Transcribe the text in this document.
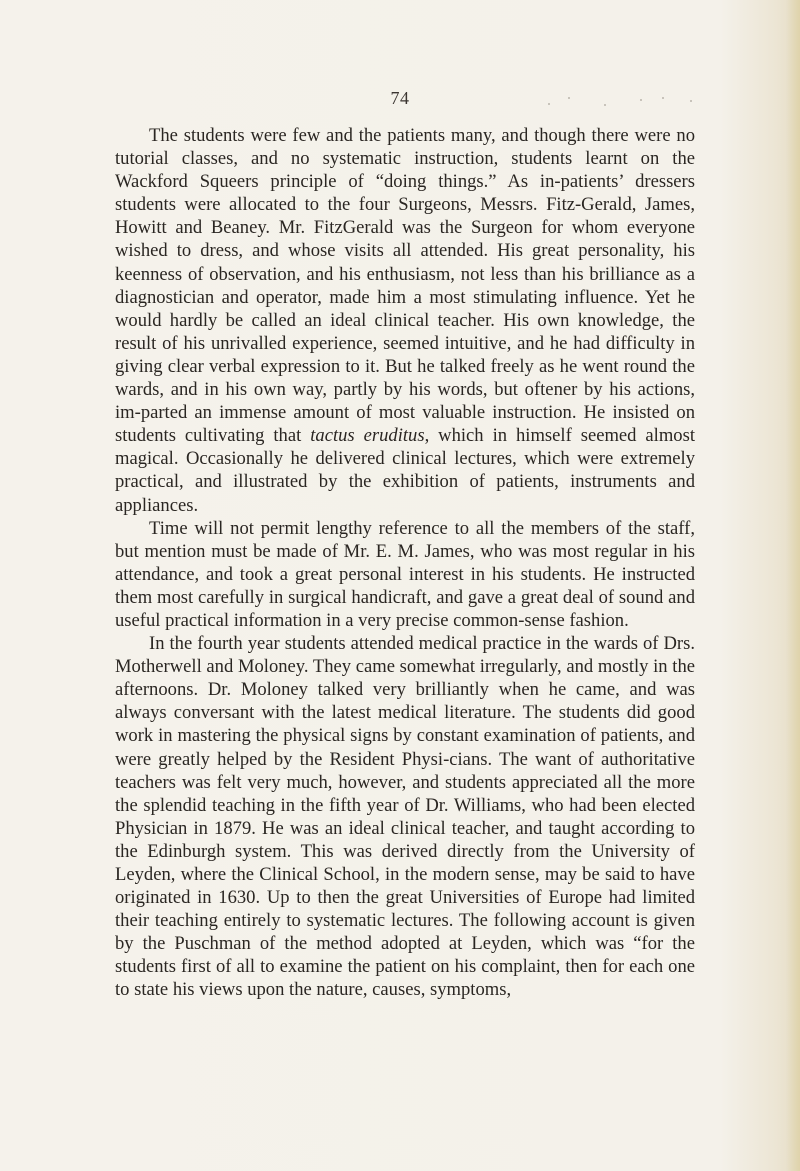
74

The students were few and the patients many, and though there were no tutorial classes, and no systematic instruction, students learnt on the Wackford Squeers principle of “doing things.” As in-patients’ dressers students were allocated to the four Surgeons, Messrs. Fitz-Gerald, James, Howitt and Beaney. Mr. FitzGerald was the Surgeon for whom everyone wished to dress, and whose visits all attended. His great personality, his keenness of observation, and his enthusiasm, not less than his brilliance as a diagnostician and operator, made him a most stimulating influence. Yet he would hardly be called an ideal clinical teacher. His own knowledge, the result of his unrivalled experience, seemed intuitive, and he had difficulty in giving clear verbal expression to it. But he talked freely as he went round the wards, and in his own way, partly by his words, but oftener by his actions, im-parted an immense amount of most valuable instruction. He insisted on students cultivating that tactus eruditus, which in himself seemed almost magical. Occasionally he delivered clinical lectures, which were extremely practical, and illustrated by the exhibition of patients, instruments and appliances.

Time will not permit lengthy reference to all the members of the staff, but mention must be made of Mr. E. M. James, who was most regular in his attendance, and took a great personal interest in his students. He instructed them most carefully in surgical handicraft, and gave a great deal of sound and useful practical information in a very precise common-sense fashion.

In the fourth year students attended medical practice in the wards of Drs. Motherwell and Moloney. They came somewhat irregularly, and mostly in the afternoons. Dr. Moloney talked very brilliantly when he came, and was always conversant with the latest medical literature. The students did good work in mastering the physical signs by constant examination of patients, and were greatly helped by the Resident Physi-cians. The want of authoritative teachers was felt very much, however, and students appreciated all the more the splendid teaching in the fifth year of Dr. Williams, who had been elected Physician in 1879. He was an ideal clinical teacher, and taught according to the Edinburgh system. This was derived directly from the University of Leyden, where the Clinical School, in the modern sense, may be said to have originated in 1630. Up to then the great Universities of Europe had limited their teaching entirely to systematic lectures. The following account is given by the Puschman of the method adopted at Leyden, which was “for the students first of all to examine the patient on his complaint, then for each one to state his views upon the nature, causes, symptoms,
